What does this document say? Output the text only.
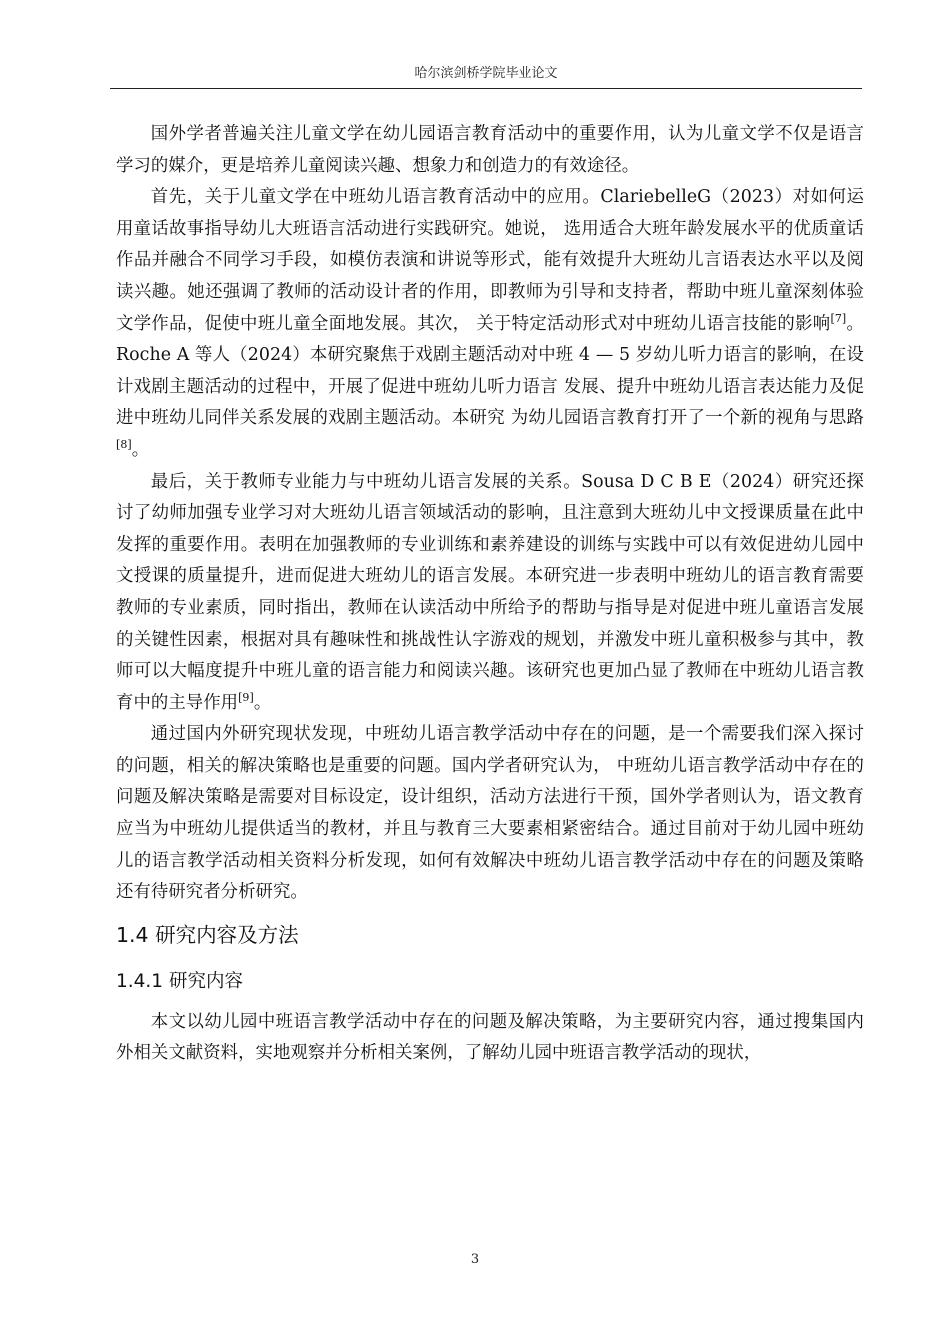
哈尔滨剑桥学院毕业论文

国外学者普遍关注儿童文学在幼儿园语言教育活动中的重要作用，认为儿童文学不仅是语言学习的媒介，更是培养儿童阅读兴趣、想象力和创造力的有效途径。

首先，关于儿童文学在中班幼儿语言教育活动中的应用。ClariebelleG（2023）对如何运用童话故事指导幼儿大班语言活动进行实践研究。她说， 选用适合大班年龄发展水平的优质童话作品并融合不同学习手段，如模仿表演和讲说等形式，能有效提升大班幼儿言语表达水平以及阅读兴趣。她还强调了教师的活动设计者的作用，即教师为引导和支持者，帮助中班儿童深刻体验文学作品，促使中班儿童全面地发展。其次， 关于特定活动形式对中班幼儿语言技能的影响[7]。Roche A 等人（2024）本研究聚焦于戏剧主题活动对中班 4 — 5 岁幼儿听力语言的影响，在设计戏剧主题活动的过程中，开展了促进中班幼儿听力语言 发展、提升中班幼儿语言表达能力及促进中班幼儿同伴关系发展的戏剧主题活动。本研究 为幼儿园语言教育打开了一个新的视角与思路[8]。

最后，关于教师专业能力与中班幼儿语言发展的关系。Sousa D C B E（2024）研究还探讨了幼师加强专业学习对大班幼儿语言领域活动的影响，且注意到大班幼儿中文授课质量在此中发挥的重要作用。表明在加强教师的专业训练和素养建设的训练与实践中可以有效促进幼儿园中文授课的质量提升，进而促进大班幼儿的语言发展。本研究进一步表明中班幼儿的语言教育需要教师的专业素质，同时指出，教师在认读活动中所给予的帮助与指导是对促进中班儿童语言发展的关键性因素，根据对具有趣味性和挑战性认字游戏的规划，并激发中班儿童积极参与其中，教师可以大幅度提升中班儿童的语言能力和阅读兴趣。该研究也更加凸显了教师在中班幼儿语言教育中的主导作用[9]。

通过国内外研究现状发现，中班幼儿语言教学活动中存在的问题，是一个需要我们深入探讨的问题，相关的解决策略也是重要的问题。国内学者研究认为， 中班幼儿语言教学活动中存在的问题及解决策略是需要对目标设定，设计组织，活动方法进行干预，国外学者则认为，语文教育应当为中班幼儿提供适当的教材，并且与教育三大要素相紧密结合。通过目前对于幼儿园中班幼儿的语言教学活动相关资料分析发现，如何有效解决中班幼儿语言教学活动中存在的问题及策略还有待研究者分析研究。

1.4 研究内容及方法
1.4.1 研究内容

本文以幼儿园中班语言教学活动中存在的问题及解决策略，为主要研究内容，通过搜集国内外相关文献资料，实地观察并分析相关案例，了解幼儿园中班语言教学活动的现状，

3
